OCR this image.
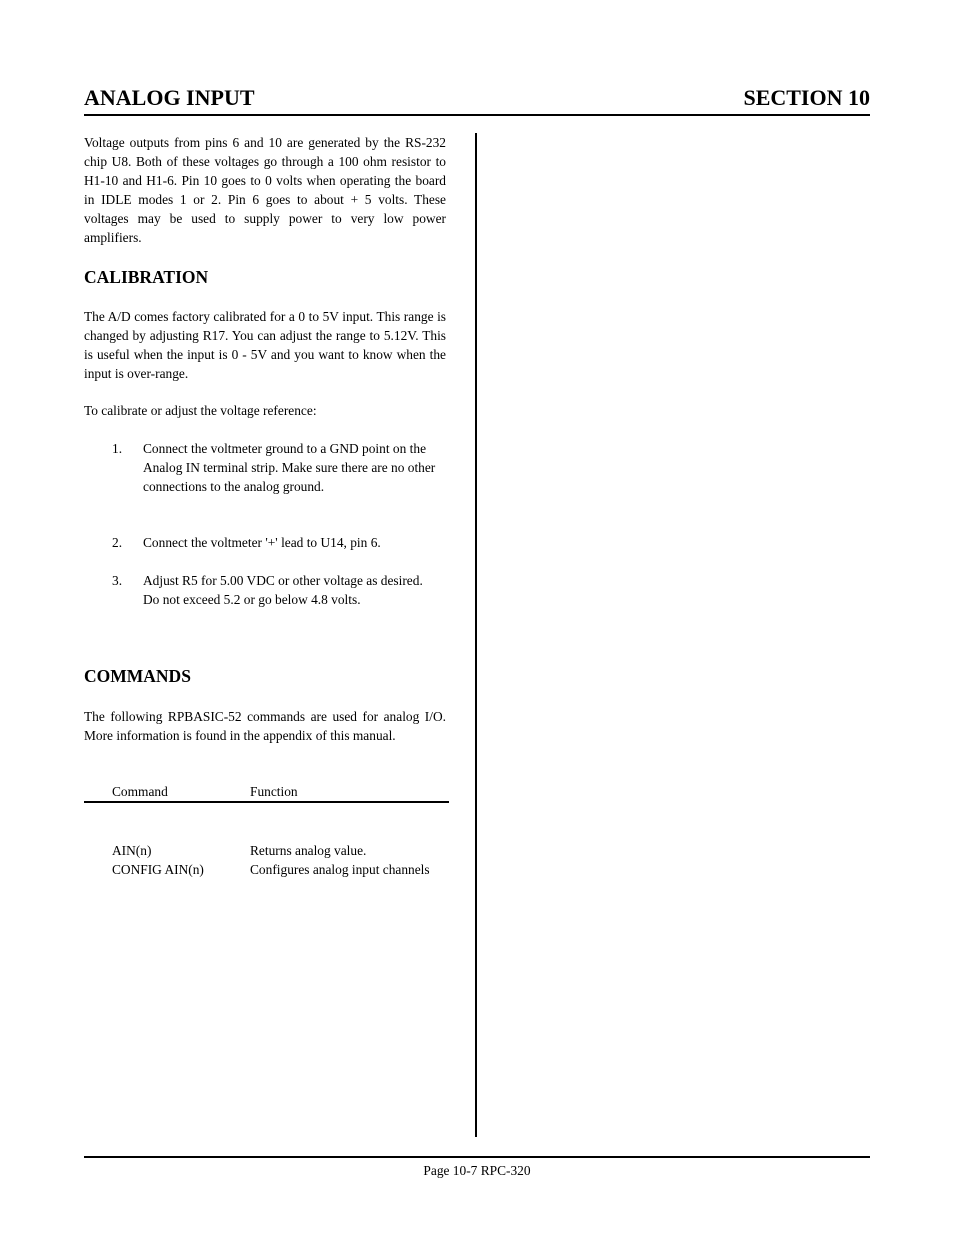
ANALOG INPUT	SECTION 10

Voltage outputs from pins 6 and 10 are generated by the RS-232 chip U8. Both of these voltages go through a 100 ohm resistor to H1-10 and H1-6. Pin 10 goes to 0 volts when operating the board in IDLE modes 1 or 2. Pin 6 goes to about + 5 volts. These voltages may be used to supply power to very low power amplifiers.

CALIBRATION

The A/D comes factory calibrated for a 0 to 5V input. This range is changed by adjusting R17. You can adjust the range to 5.12V. This is useful when the input is 0 - 5V and you want to know when the input is over-range.

To calibrate or adjust the voltage reference:

1. Connect the voltmeter ground to a GND point on the Analog IN terminal strip. Make sure there are no other connections to the analog ground.
2. Connect the voltmeter '+' lead to U14, pin 6.
3. Adjust R5 for 5.00 VDC or other voltage as desired. Do not exceed 5.2 or go below 4.8 volts.
COMMANDS

The following RPBASIC-52 commands are used for analog I/O. More information is found in the appendix of this manual.

Command	Function
AIN(n)	Returns analog value.
CONFIG AIN(n)	Configures analog input channels
Page 10-7 RPC-320
